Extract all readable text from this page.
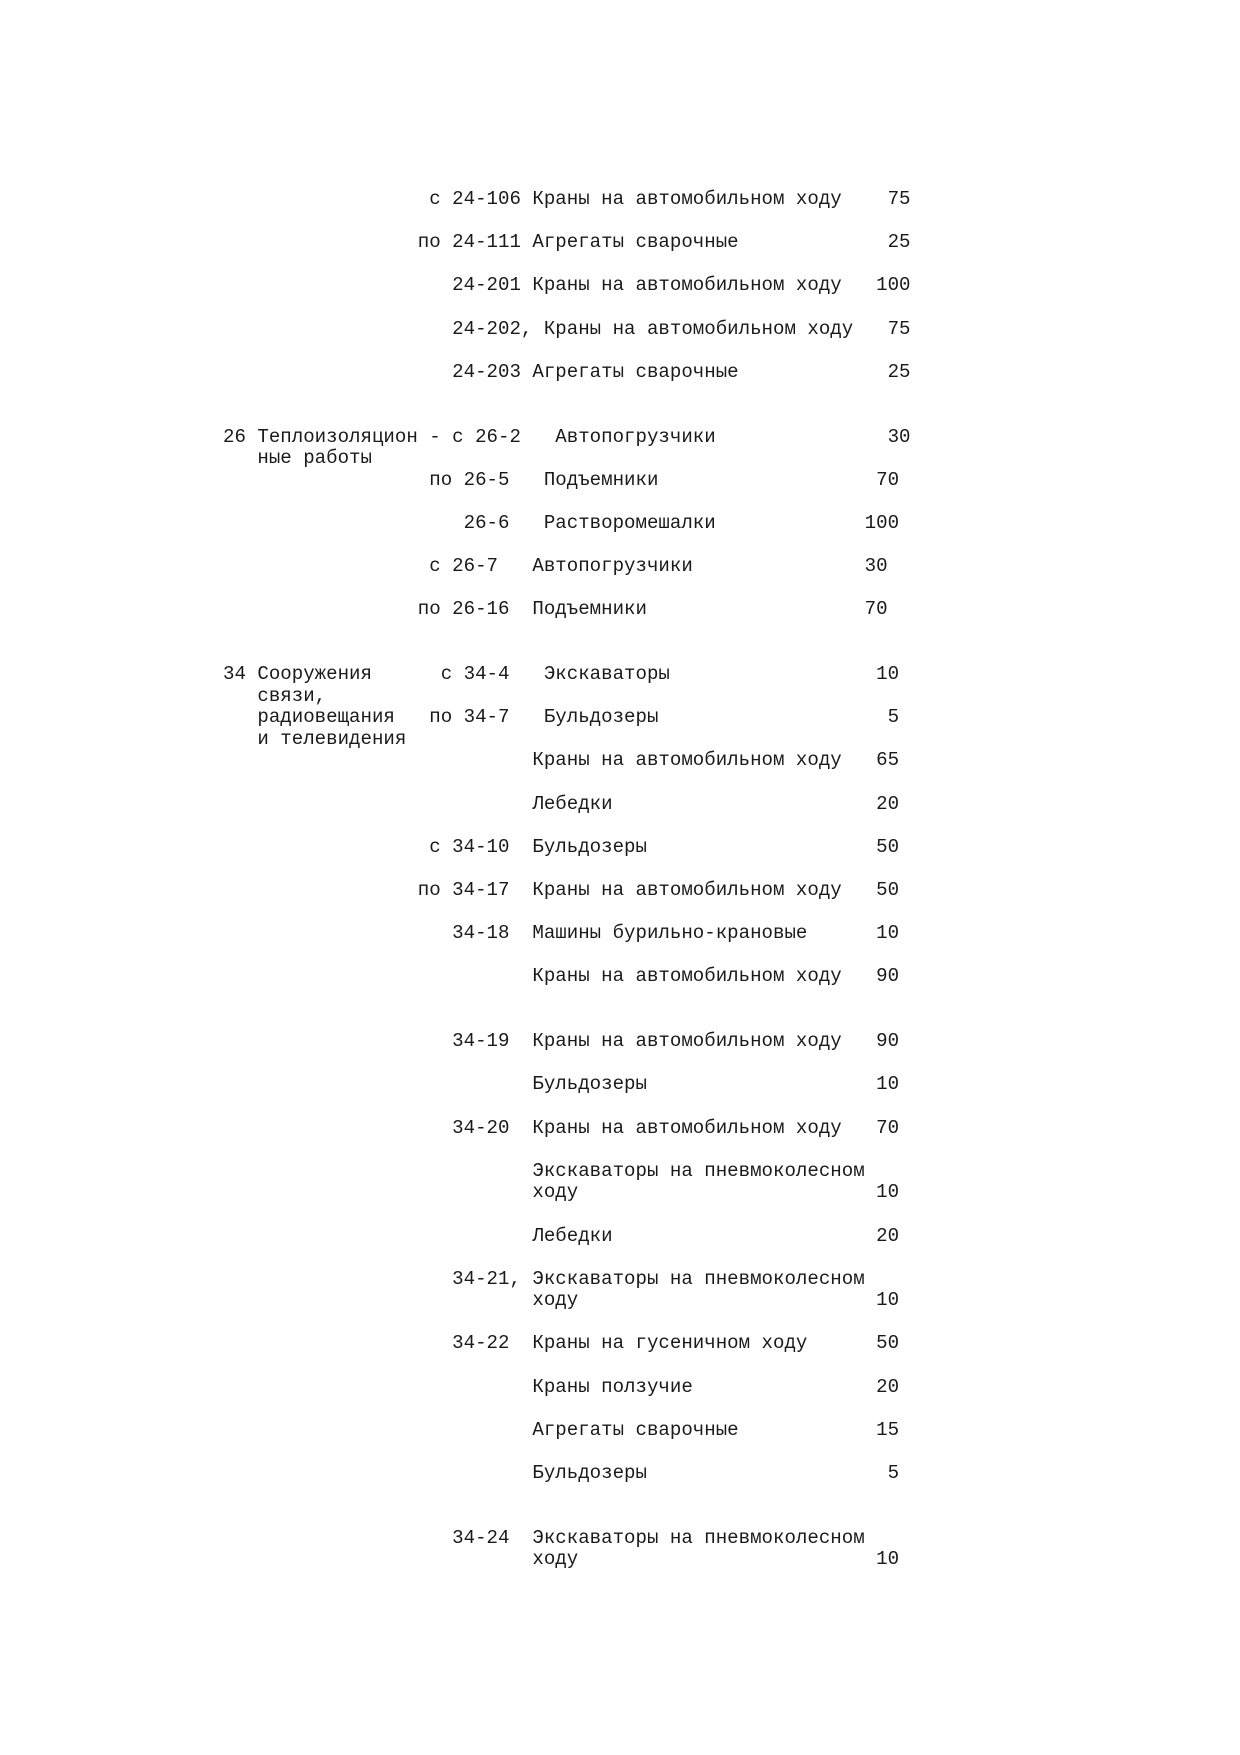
с 24-106 Краны на автомобильном ходу    75
по 24-111 Агрегаты сварочные             25
24-201 Краны на автомобильном ходу   100
24-202, Краны на автомобильном ходу   75
24-203 Агрегаты сварочные             25
26 Теплоизоляцион - с 26-2   Автопогрузчики               30
ные работы
по 26-5   Подъемники                   70
26-6   Растворомешалки             100
с 26-7   Автопогрузчики               30
по 26-16  Подъемники                   70
34 Сооружения      с 34-4   Экскаваторы                  10
связи,
радиовещания   по 34-7   Бульдозеры                    5
и телевидения
Краны на автомобильном ходу   65
Лебедки                       20
с 34-10  Бульдозеры                    50
по 34-17  Краны на автомобильном ходу   50
34-18  Машины бурильно-крановые      10
Краны на автомобильном ходу   90
34-19  Краны на автомобильном ходу   90
Бульдозеры                    10
34-20  Краны на автомобильном ходу   70
Экскаваторы на пневмоколесном
ходу                          10
Лебедки                       20
34-21, Экскаваторы на пневмоколесном
ходу                          10
34-22  Краны на гусеничном ходу      50
Краны ползучие                20
Агрегаты сварочные            15
Бульдозеры                     5
34-24  Экскаваторы на пневмоколесном
ходу                          10
